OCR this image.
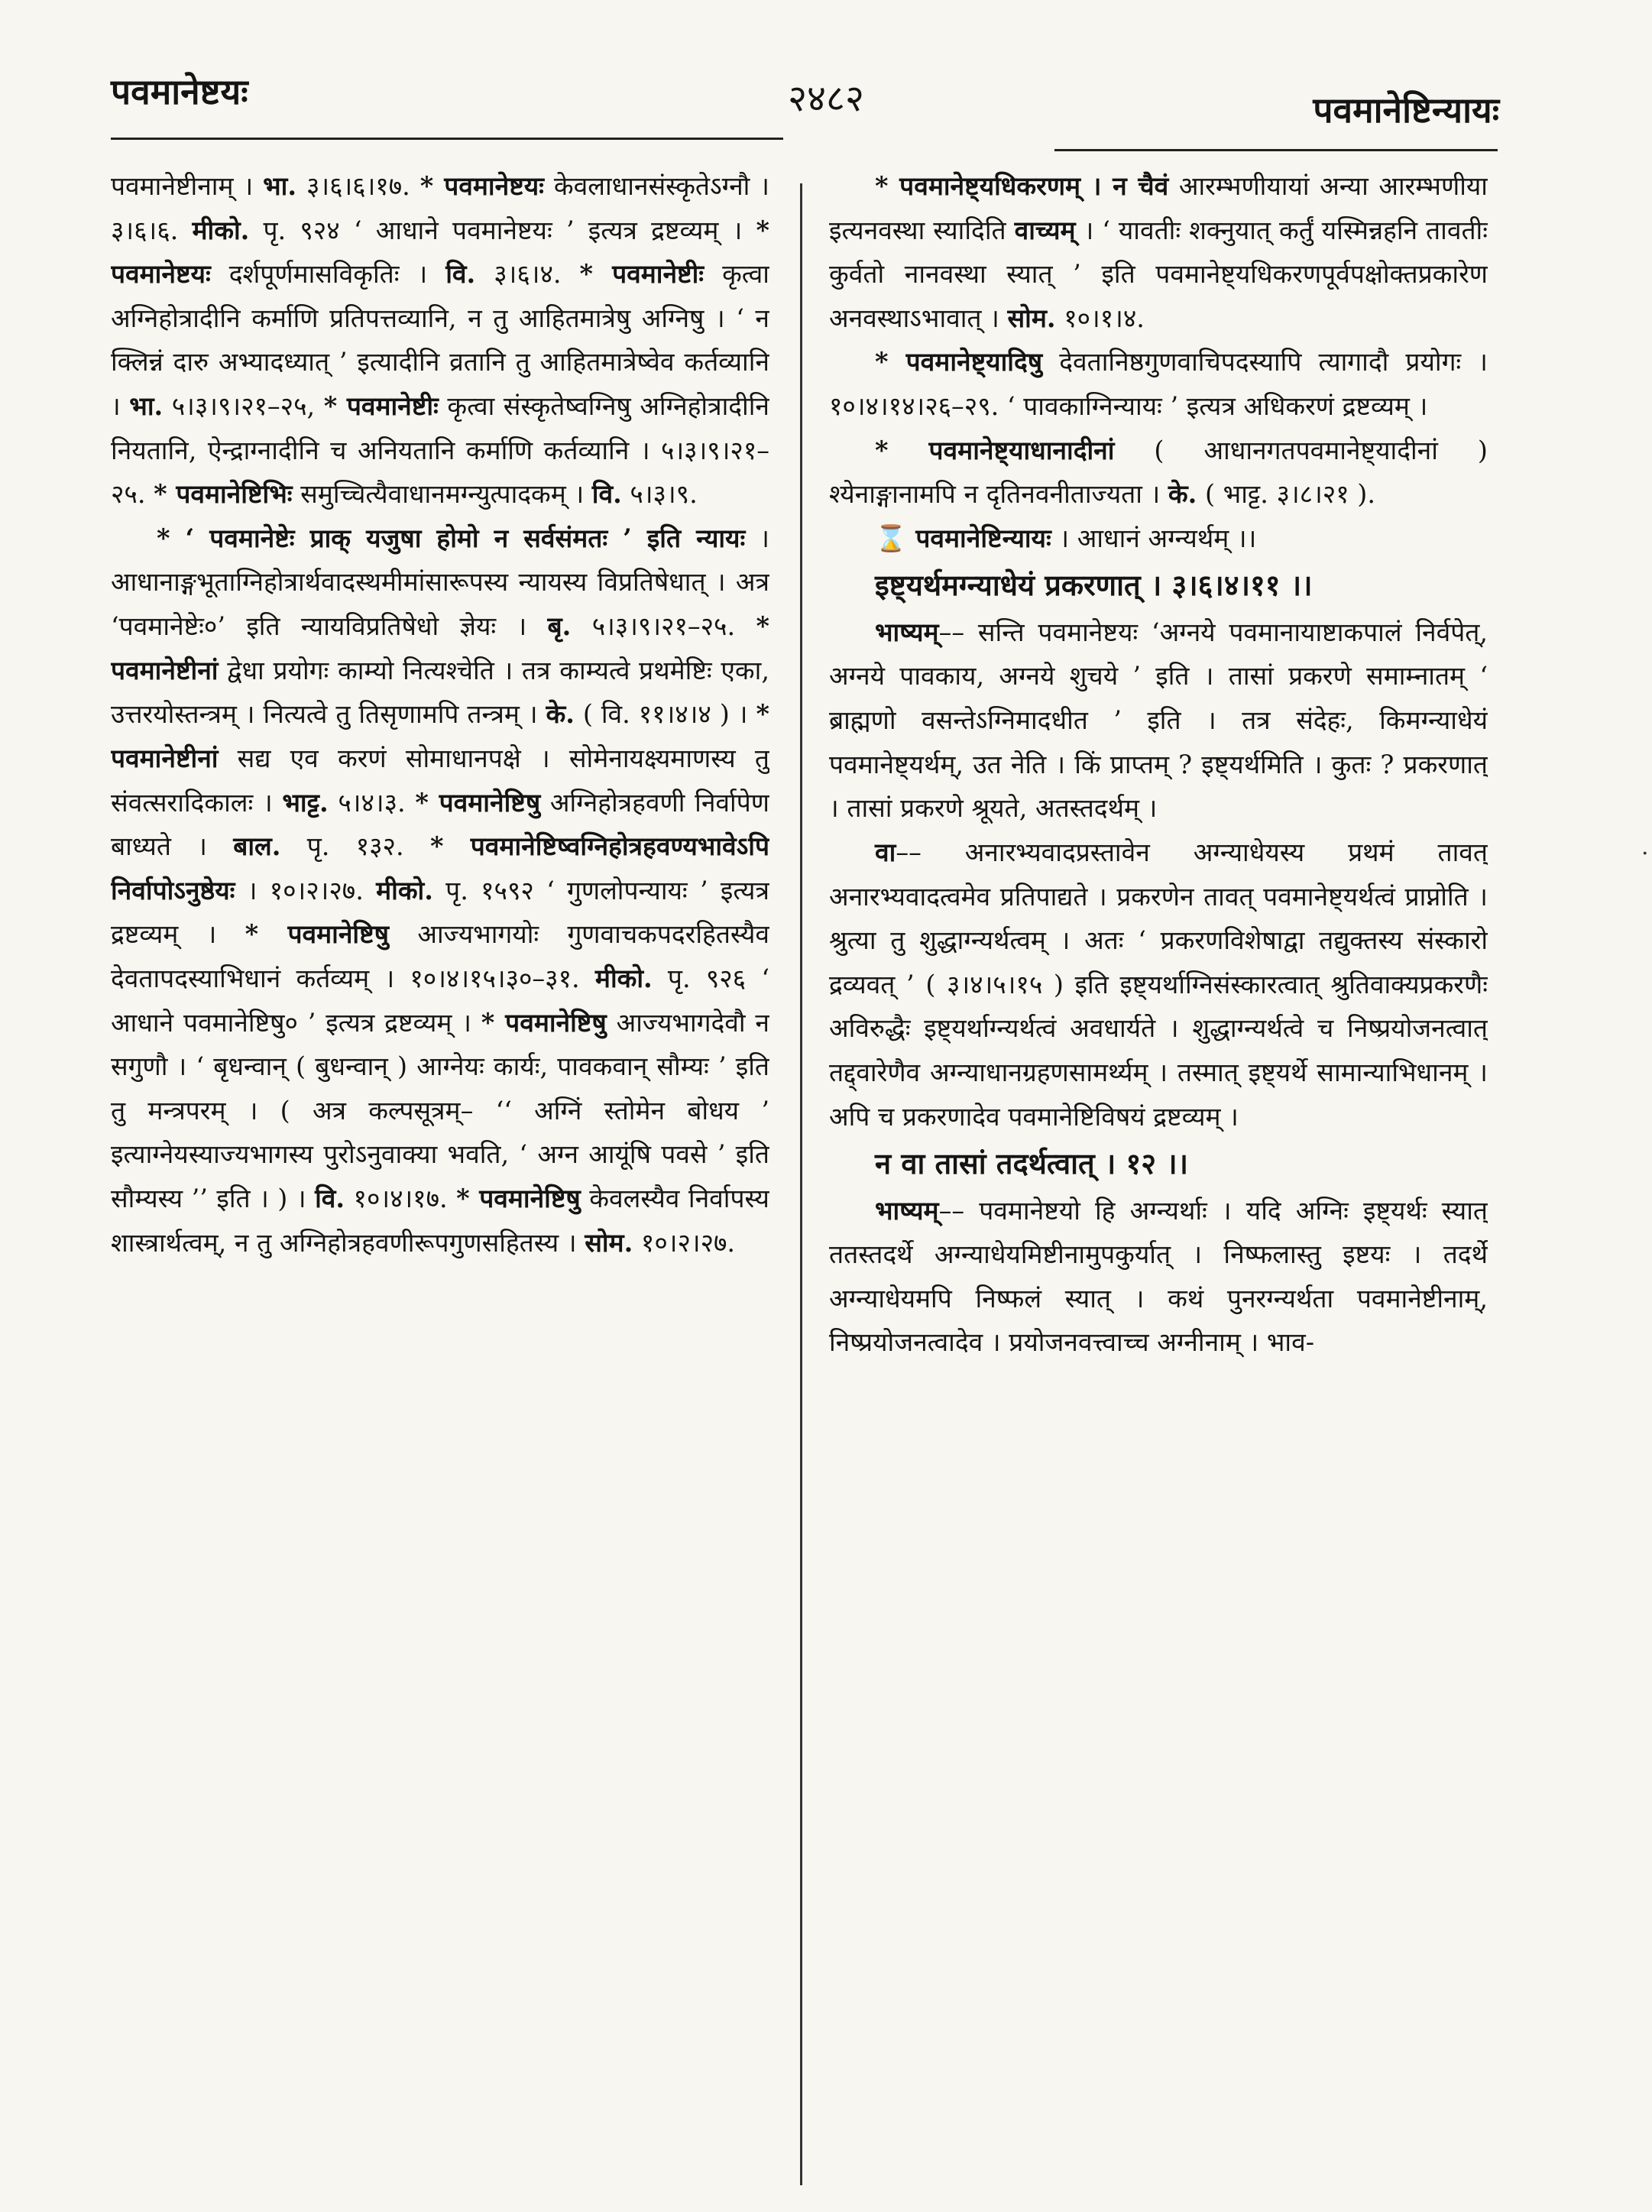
पवमानेष्टयः	२४८२	पवमानेष्टिन्यायः

पवमानेष्टीनाम् । भा. ३।६।६।१७. * पवमानेष्टयः केवलाधानसंस्कृतेऽग्नौ । ३।६।६. मीको. पृ. ९२४ ‘ आधाने पवमानेष्टयः ’ इत्यत्र द्रष्टव्यम् । * पवमानेष्टयः दर्शपूर्णमासविकृतिः । वि. ३।६।४. * पवमानेष्टीः कृत्वा अग्निहोत्रादीनि कर्माणि प्रतिपत्तव्यानि, न तु आहितमात्रेषु अग्निषु । ‘ न क्लिन्नं दारु अभ्यादध्यात् ’ इत्यादीनि व्रतानि तु आहितमात्रेष्वेव कर्तव्यानि । भा. ५।३।९।२१–२५, * पवमानेष्टीः कृत्वा संस्कृतेष्वग्निषु अग्निहोत्रादीनि नियतानि, ऐन्द्राग्नादीनि च अनियतानि कर्माणि कर्तव्यानि । ५।३।९।२१–२५. * पवमानेष्टिभिः समुच्चित्यैवाधानमग्न्युत्पादकम् । वि. ५।३।९.

* ‘ पवमानेष्टेः प्राक् यजुषा होमो न सर्वसंमतः ’ इति न्यायः । आधानाङ्गभूताग्निहोत्रार्थवादस्थमीमांसारूपस्य न्यायस्य विप्रतिषेधात् । अत्र ‘पवमानेष्टेः०’ इति न्यायविप्रतिषेधो ज्ञेयः । बृ. ५।३।९।२१–२५. * पवमानेष्टीनां द्वेधा प्रयोगः काम्यो नित्यश्चेति । तत्र काम्यत्वे प्रथमेष्टिः एका, उत्तरयोस्तन्त्रम् । नित्यत्वे तु तिसृणामपि तन्त्रम् । के. ( वि. ११।४।४ ) । * पवमानेष्टीनां सद्य एव करणं सोमाधानपक्षे । सोमेनायक्ष्यमाणस्य तु संवत्सरादिकालः । भाट्ट. ५।४।३. * पवमानेष्टिषु अग्निहोत्रहवणी निर्वापेण बाध्यते । बाल. पृ. १३२. * पवमानेष्टिष्वग्निहोत्रहवण्यभावेऽपि निर्वापोऽनुष्ठेयः । १०।२।२७. मीको. पृ. १५९२ ‘ गुणलोपन्यायः ’ इत्यत्र द्रष्टव्यम् । * पवमानेष्टिषु आज्यभागयोः गुणवाचकपदरहितस्यैव देवतापदस्याभिधानं कर्तव्यम् । १०।४।१५।३०–३१. मीको. पृ. ९२६ ‘ आधाने पवमानेष्टिषु० ’ इत्यत्र द्रष्टव्यम् । * पवमानेष्टिषु आज्यभागदेवौ न सगुणौ । ‘ बृधन्वान् ( बुधन्वान् ) आग्नेयः कार्यः, पावकवान् सौम्यः ’ इति तु मन्त्रपरम् । ( अत्र कल्पसूत्रम्– ‘‘ अग्निं स्तोमेन बोधय ’ इत्याग्नेयस्याज्यभागस्य पुरोऽनुवाक्या भवति, ‘ अग्न आयूंषि पवसे ’ इति सौम्यस्य ’’ इति । ) । वि. १०।४।१७. * पवमानेष्टिषु केवलस्यैव निर्वापस्य शास्त्रार्थत्वम्, न तु अग्निहोत्रहवणीरूपगुणसहितस्य । सोम. १०।२।२७.

* पवमानेष्ट्यधिकरणम् । न चैवं आरम्भणीयायां अन्या आरम्भणीया इत्यनवस्था स्यादिति वाच्यम् । ‘ यावतीः शक्नुयात् कर्तुं यस्मिन्नहनि तावतीः कुर्वतो नानवस्था स्यात् ’ इति पवमानेष्ट्यधिकरणपूर्वपक्षोक्तप्रकारेण अनवस्थाऽभावात् । सोम. १०।१।४.

* पवमानेष्ट्यादिषु देवतानिष्ठगुणवाचिपदस्यापि त्यागादौ प्रयोगः । १०।४।१४।२६–२९. ‘ पावकाग्निन्यायः ’ इत्यत्र अधिकरणं द्रष्टव्यम् ।

* पवमानेष्ट्याधानादीनां ( आधानगतपवमानेष्ट्यादीनां ) श्येनाङ्गानामपि न दृतिनवनीताज्यता । के. ( भाट्ट. ३।८।२१ ).

⌛ पवमानेष्टिन्यायः । आधानं अग्न्यर्थम् ।।

इष्ट्यर्थमग्न्याधेयं प्रकरणात् । ३।६।४।११ ।।

भाष्यम्–– सन्ति पवमानेष्टयः ‘अग्नये पवमानायाष्टाकपालं निर्वपेत्, अग्नये पावकाय, अग्नये शुचये ’ इति । तासां प्रकरणे समाम्नातम् ‘ ब्राह्मणो वसन्तेऽग्निमादधीत ’ इति । तत्र संदेहः, किमग्न्याधेयं पवमानेष्ट्यर्थम्, उत नेति । किं प्राप्तम् ? इष्ट्यर्थमिति । कुतः ? प्रकरणात् । तासां प्रकरणे श्रूयते, अतस्तदर्थम् ।

वा–– अनारभ्यवादप्रस्तावेन अग्न्याधेयस्य प्रथमं तावत् अनारभ्यवादत्वमेव प्रतिपाद्यते । प्रकरणेन तावत् पवमानेष्ट्यर्थत्वं प्राप्नोति । श्रुत्या तु शुद्धाग्न्यर्थत्वम् । अतः ‘ प्रकरणविशेषाद्वा तद्युक्तस्य संस्कारो द्रव्यवत् ’ ( ३।४।५।१५ ) इति इष्ट्यर्थाग्निसंस्कारत्वात् श्रुतिवाक्यप्रकरणैः अविरुद्धैः इष्ट्यर्थाग्न्यर्थत्वं अवधार्यते । शुद्धाग्न्यर्थत्वे च निष्प्रयोजनत्वात् तद्द्वारेणैव अग्न्याधानग्रहणसामर्थ्यम् । तस्मात् इष्ट्यर्थे सामान्याभिधानम् । अपि च प्रकरणादेव पवमानेष्टिविषयं द्रष्टव्यम् ।

न वा तासां तदर्थत्वात् । १२ ।।

भाष्यम्–– पवमानेष्टयो हि अग्न्यर्थाः । यदि अग्निः इष्ट्यर्थः स्यात् ततस्तदर्थे अग्न्याधेयमिष्टीनामुपकुर्यात् । निष्फलास्तु इष्टयः । तदर्थे अग्न्याधेयमपि निष्फलं स्यात् । कथं पुनरग्न्यर्थता पवमानेष्टीनाम्, निष्प्रयोजनत्वादेव । प्रयोजनवत्त्वाच्च अग्नीनाम् । भाव-

·
